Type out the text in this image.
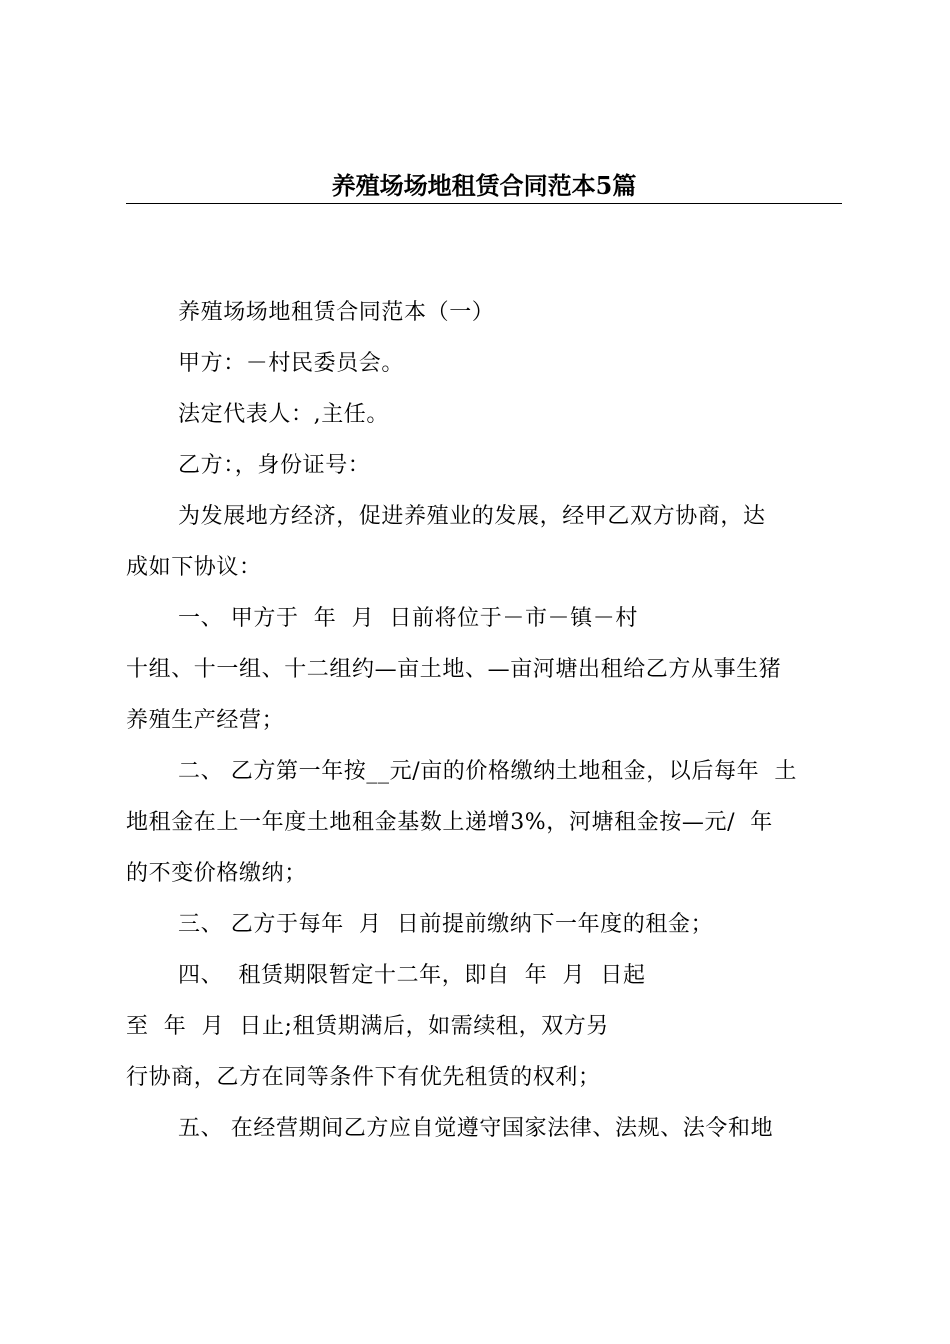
养殖场场地租赁合同范本5篇
养殖场场地租赁合同范本（一）
甲方：－村民委员会。
法定代表人：,主任。
乙方：，身份证号：
为发展地方经济，促进养殖业的发展，经甲乙双方协商，达
成如下协议：
一、 甲方于  年  月  日前将位于－市－镇－村
十组、十一组、十二组约—亩土地、—亩河塘出租给乙方从事生猪
养殖生产经营；
二、 乙方第一年按__元/亩的价格缴纳土地租金，以后每年  土
地租金在上一年度土地租金基数上递增3%，河塘租金按—元/  年
的不变价格缴纳；
三、 乙方于每年  月  日前提前缴纳下一年度的租金；
四、  租赁期限暂定十二年，即自  年  月  日起
至  年  月  日止;租赁期满后，如需续租，双方另
行协商，乙方在同等条件下有优先租赁的权利；
五、 在经营期间乙方应自觉遵守国家法律、法规、法令和地
